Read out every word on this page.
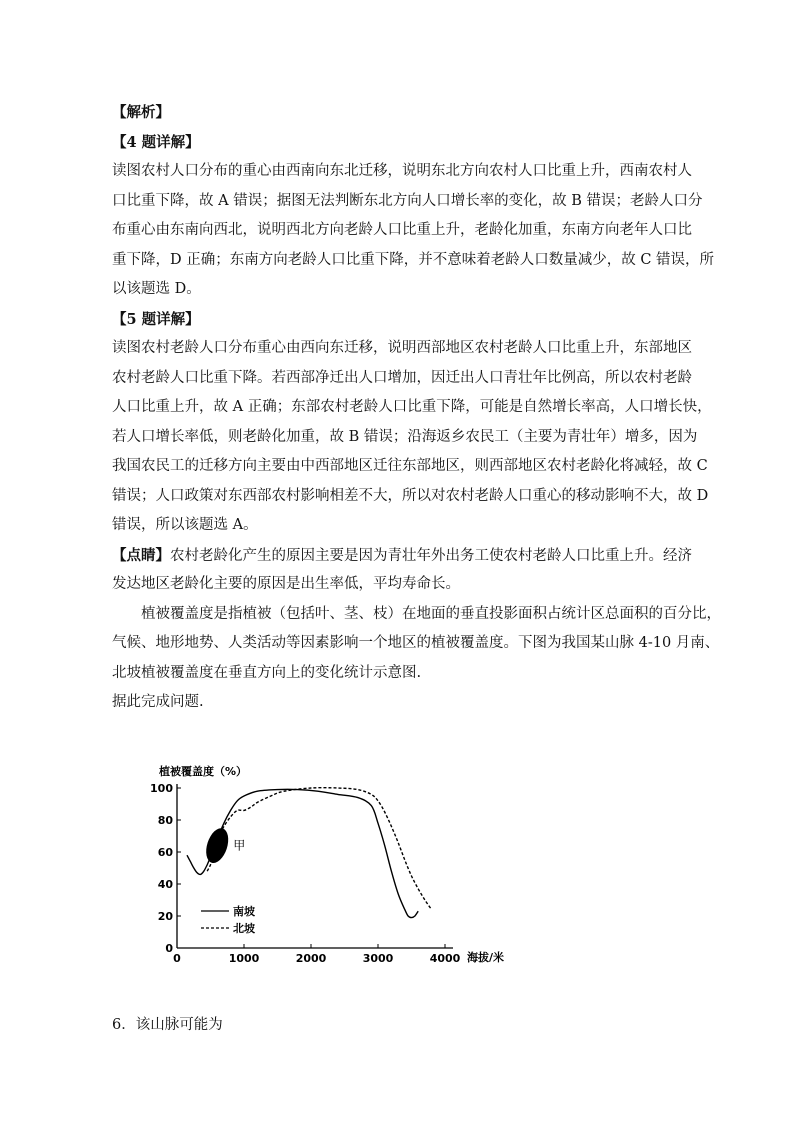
【解析】
【4 题详解】
读图农村人口分布的重心由西南向东北迁移，说明东北方向农村人口比重上升，西南农村人
口比重下降，故 A 错误；据图无法判断东北方向人口增长率的变化，故 B 错误；老龄人口分
布重心由东南向西北，说明西北方向老龄人口比重上升，老龄化加重，东南方向老年人口比
重下降，D 正确；东南方向老龄人口比重下降，并不意味着老龄人口数量减少，故 C 错误，所
以该题选 D。
【5 题详解】
读图农村老龄人口分布重心由西向东迁移，说明西部地区农村老龄人口比重上升，东部地区
农村老龄人口比重下降。若西部净迁出人口增加，因迁出人口青壮年比例高，所以农村老龄
人口比重上升，故 A 正确；东部农村老龄人口比重下降，可能是自然增长率高，人口增长快，
若人口增长率低，则老龄化加重，故 B 错误；沿海返乡农民工（主要为青壮年）增多，因为
我国农民工的迁移方向主要由中西部地区迁往东部地区，则西部地区农村老龄化将减轻，故 C
错误；人口政策对东西部农村影响相差不大，所以对农村老龄人口重心的移动影响不大，故 D
错误，所以该题选 A。
【点睛】农村老龄化产生的原因主要是因为青壮年外出务工使农村老龄人口比重上升。经济
发达地区老龄化主要的原因是出生率低，平均寿命长。
植被覆盖度是指植被（包括叶、茎、枝）在地面的垂直投影面积占统计区总面积的百分比，
气候、地形地势、人类活动等因素影响一个地区的植被覆盖度。下图为我国某山脉 4-10 月南、
北坡植被覆盖度在垂直方向上的变化统计示意图.
据此完成问题.
植被覆盖度（%）
海拔/米
0
20
40
60
80
100
0	1000	2000	3000	4000
甲
南坡
北坡
6．该山脉可能为
